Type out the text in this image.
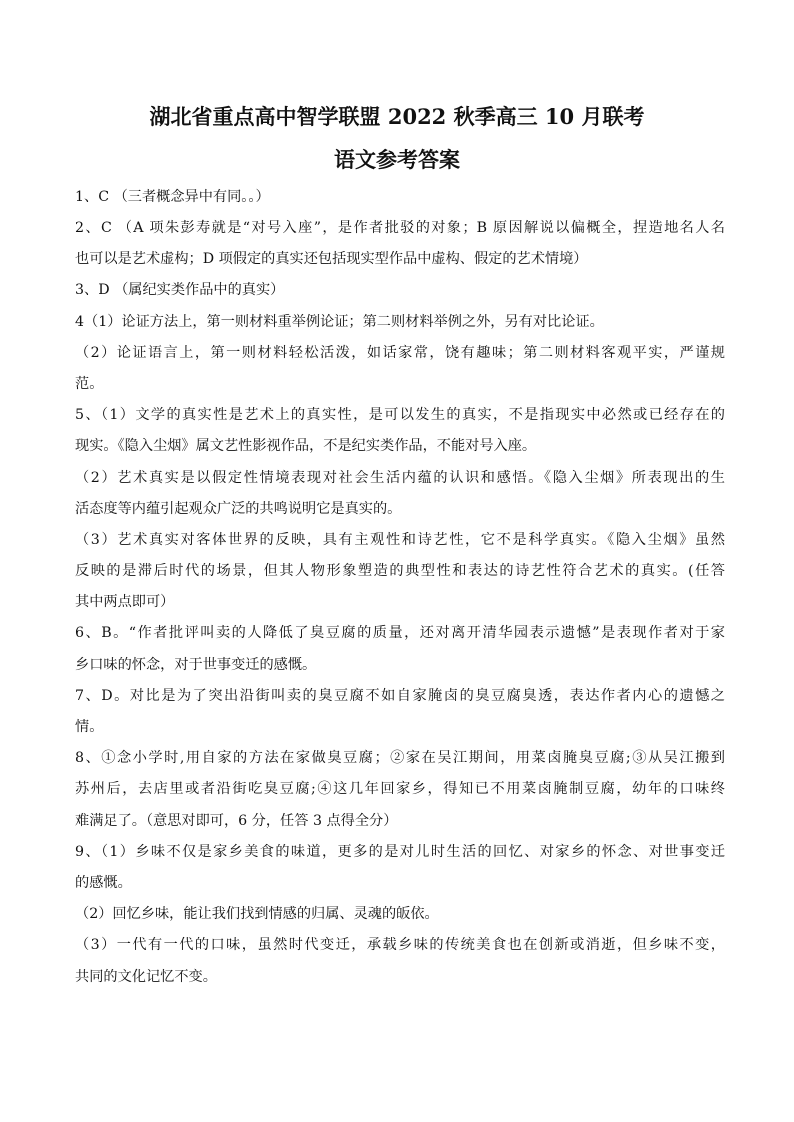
湖北省重点高中智学联盟 2022 秋季高三 10 月联考
语文参考答案
1、C （三者概念异中有同。。）
2、C （A 项朱彭寿就是“对号入座”，是作者批驳的对象；B 原因解说以偏概全，捏造地名人名
也可以是艺术虚构；D 项假定的真实还包括现实型作品中虚构、假定的艺术情境）
3、D （属纪实类作品中的真实）
4（1）论证方法上，第一则材料重举例论证；第二则材料举例之外，另有对比论证。
（2）论证语言上，第一则材料轻松活泼，如话家常，饶有趣味；第二则材料客观平实，严谨规
范。
5、（1）文学的真实性是艺术上的真实性，是可以发生的真实，不是指现实中必然或已经存在的
现实。《隐入尘烟》属文艺性影视作品，不是纪实类作品，不能对号入座。
（2）艺术真实是以假定性情境表现对社会生活内蕴的认识和感悟。《隐入尘烟》所表现出的生
活态度等内蕴引起观众广泛的共鸣说明它是真实的。
（3）艺术真实对客体世界的反映，具有主观性和诗艺性，它不是科学真实。《隐入尘烟》虽然
反映的是滞后时代的场景，但其人物形象塑造的典型性和表达的诗艺性符合艺术的真实。(任答
其中两点即可）
6、B。“作者批评叫卖的人降低了臭豆腐的质量，还对离开清华园表示遗憾”是表现作者对于家
乡口味的怀念，对于世事变迁的感慨。
7、D。对比是为了突出沿街叫卖的臭豆腐不如自家腌卤的臭豆腐臭透，表达作者内心的遗憾之
情。
8、①念小学时,用自家的方法在家做臭豆腐；②家在吴江期间，用菜卤腌臭豆腐;③从吴江搬到
苏州后，去店里或者沿街吃臭豆腐;④这几年回家乡，得知已不用菜卤腌制豆腐，幼年的口味终
难满足了。（意思对即可，6 分，任答 3 点得全分）
9、（1）乡味不仅是家乡美食的味道，更多的是对儿时生活的回忆、对家乡的怀念、对世事变迁
的感慨。
（2）回忆乡味，能让我们找到情感的归属、灵魂的皈依。
（3）一代有一代的口味，虽然时代变迁，承载乡味的传统美食也在创新或消逝，但乡味不变，
共同的文化记忆不变。
